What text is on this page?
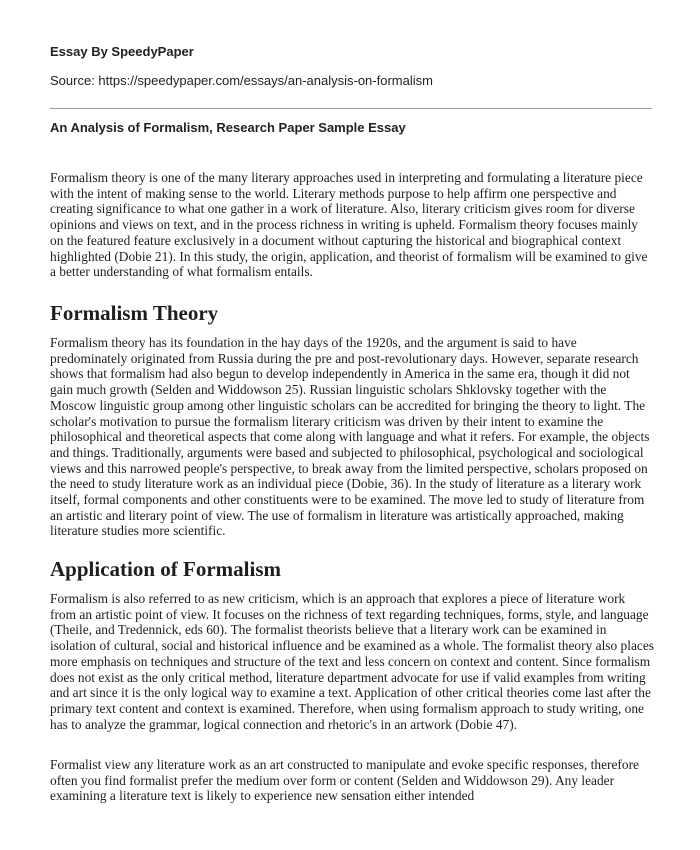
Essay By SpeedyPaper
Source: https://speedypaper.com/essays/an-analysis-on-formalism
An Analysis of Formalism, Research Paper Sample Essay

Formalism theory is one of the many literary approaches used in interpreting and formulating a literature piece with the intent of making sense to the world. Literary methods purpose to help affirm one perspective and creating significance to what one gather in a work of literature. Also, literary criticism gives room for diverse opinions and views on text, and in the process richness in writing is upheld. Formalism theory focuses mainly on the featured feature exclusively in a document without capturing the historical and biographical context highlighted (Dobie 21). In this study, the origin, application, and theorist of formalism will be examined to give a better understanding of what formalism entails.

Formalism Theory

Formalism theory has its foundation in the hay days of the 1920s, and the argument is said to have predominately originated from Russia during the pre and post-revolutionary days. However, separate research shows that formalism had also begun to develop independently in America in the same era, though it did not gain much growth (Selden and Widdowson 25). Russian linguistic scholars Shklovsky together with the Moscow linguistic group among other linguistic scholars can be accredited for bringing the theory to light. The scholar's motivation to pursue the formalism literary criticism was driven by their intent to examine the philosophical and theoretical aspects that come along with language and what it refers. For example, the objects and things. Traditionally, arguments were based and subjected to philosophical, psychological and sociological views and this narrowed people's perspective, to break away from the limited perspective, scholars proposed on the need to study literature work as an individual piece (Dobie, 36). In the study of literature as a literary work itself, formal components and other constituents were to be examined. The move led to study of literature from an artistic and literary point of view. The use of formalism in literature was artistically approached, making literature studies more scientific.

Application of Formalism

Formalism is also referred to as new criticism, which is an approach that explores a piece of literature work from an artistic point of view. It focuses on the richness of text regarding techniques, forms, style, and language (Theile, and Tredennick, eds 60). The formalist theorists believe that a literary work can be examined in isolation of cultural, social and historical influence and be examined as a whole. The formalist theory also places more emphasis on techniques and structure of the text and less concern on context and content. Since formalism does not exist as the only critical method, literature department advocate for use if valid examples from writing and art since it is the only logical way to examine a text. Application of other critical theories come last after the primary text content and context is examined. Therefore, when using formalism approach to study writing, one has to analyze the grammar, logical connection and rhetoric's in an artwork (Dobie 47).

Formalist view any literature work as an art constructed to manipulate and evoke specific responses, therefore often you find formalist prefer the medium over form or content (Selden and Widdowson 29). Any leader examining a literature text is likely to experience new sensation either intended
